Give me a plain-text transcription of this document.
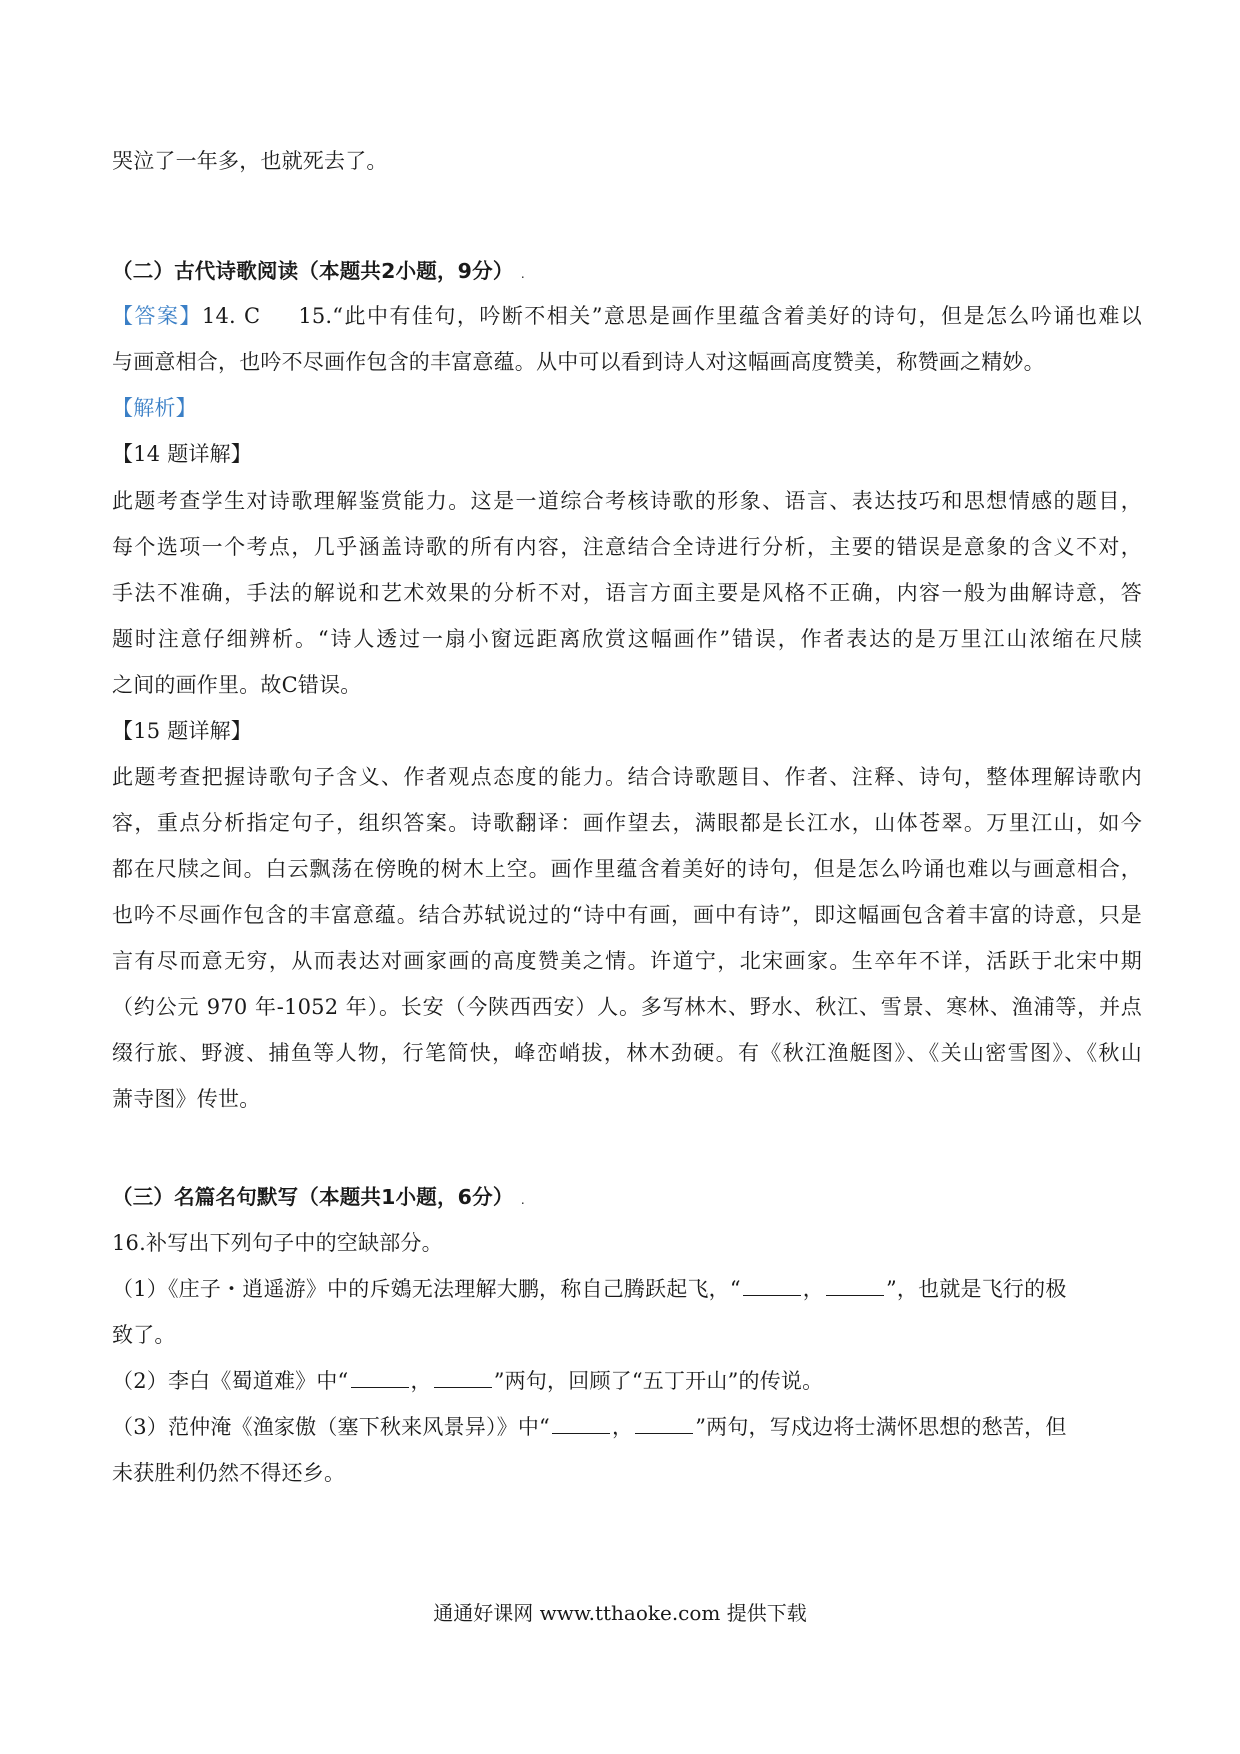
哭泣了一年多，也就死去了。
（二）古代诗歌阅读（本题共2小题，9分） .
【答案】14. C 15.“此中有佳句，吟断不相关”意思是画作里蕴含着美好的诗句，但是怎么吟诵也难以
与画意相合，也吟不尽画作包含的丰富意蕴。从中可以看到诗人对这幅画高度赞美，称赞画之精妙。
【解析】
【14 题详解】
此题考查学生对诗歌理解鉴赏能力。这是一道综合考核诗歌的形象、语言、表达技巧和思想情感的题目，
每个选项一个考点，几乎涵盖诗歌的所有内容，注意结合全诗进行分析，主要的错误是意象的含义不对，
手法不准确，手法的解说和艺术效果的分析不对，语言方面主要是风格不正确，内容一般为曲解诗意，答
题时注意仔细辨析。“诗人透过一扇小窗远距离欣赏这幅画作”错误，作者表达的是万里江山浓缩在尺牍
之间的画作里。故C错误。
【15 题详解】
此题考查把握诗歌句子含义、作者观点态度的能力。结合诗歌题目、作者、注释、诗句，整体理解诗歌内
容，重点分析指定句子，组织答案。诗歌翻译：画作望去，满眼都是长江水，山体苍翠。万里江山，如今
都在尺牍之间。白云飘荡在傍晚的树木上空。画作里蕴含着美好的诗句，但是怎么吟诵也难以与画意相合，
也吟不尽画作包含的丰富意蕴。结合苏轼说过的“诗中有画，画中有诗”，即这幅画包含着丰富的诗意，只是
言有尽而意无穷，从而表达对画家画的高度赞美之情。许道宁，北宋画家。生卒年不详，活跃于北宋中期
（约公元 970 年-1052 年）。长安（今陕西西安）人。多写林木、野水、秋江、雪景、寒林、渔浦等，并点
缀行旅、野渡、捕鱼等人物，行笔简快，峰峦峭拔，林木劲硬。有《秋江渔艇图》、《关山密雪图》、《秋山
萧寺图》传世。
（三）名篇名句默写（本题共1小题，6分） .
16.补写出下列句子中的空缺部分。
（1）《庄子・逍遥游》中的斥鴳无法理解大鹏，称自己腾跃起飞，“	，	”，也就是飞行的极
致了。
（2）李白《蜀道难》中“	，	”两句，回顾了“五丁开山”的传说。
（3）范仲淹《渔家傲（塞下秋来风景异）》中“	，	”两句，写戍边将士满怀思想的愁苦，但
未获胜利仍然不得还乡。
通通好课网 www.tthaoke.com 提供下载
